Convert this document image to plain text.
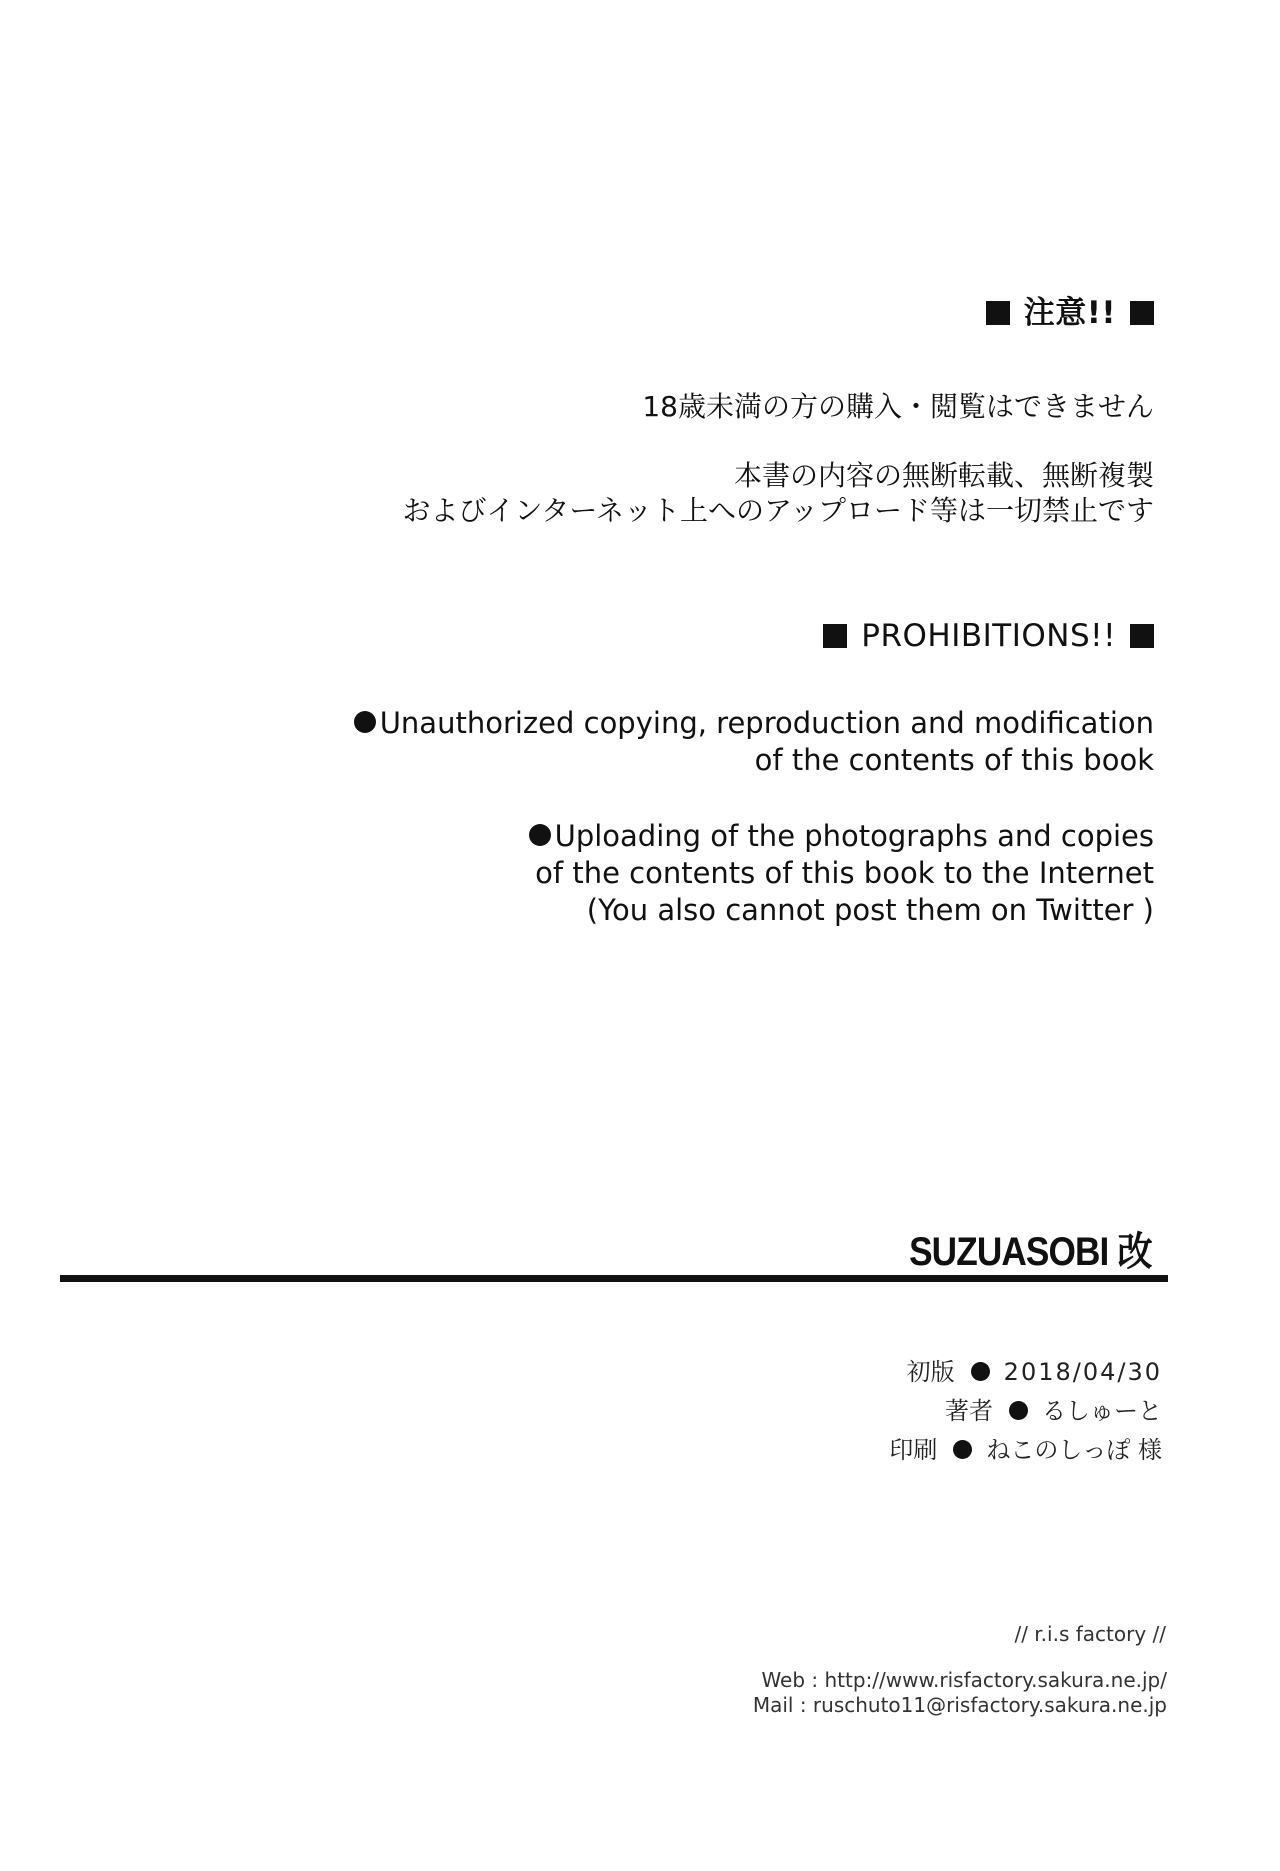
注意!!
18歳未満の方の購入・閲覧はできません
本書の内容の無断転載、無断複製
およびインターネット上へのアップロード等は一切禁止です
PROHIBITIONS!!
Unauthorized copying, reproduction and modification
of the contents of this book
Uploading of the photographs and copies
of the contents of this book to the Internet
(You also cannot post them on Twitter )
SUZUASOBI 改
初版 2018/04/30
著者 るしゅーと
印刷 ねこのしっぽ 様
// r.i.s factory //
Web : http://www.risfactory.sakura.ne.jp/
Mail : ruschuto11@risfactory.sakura.ne.jp
